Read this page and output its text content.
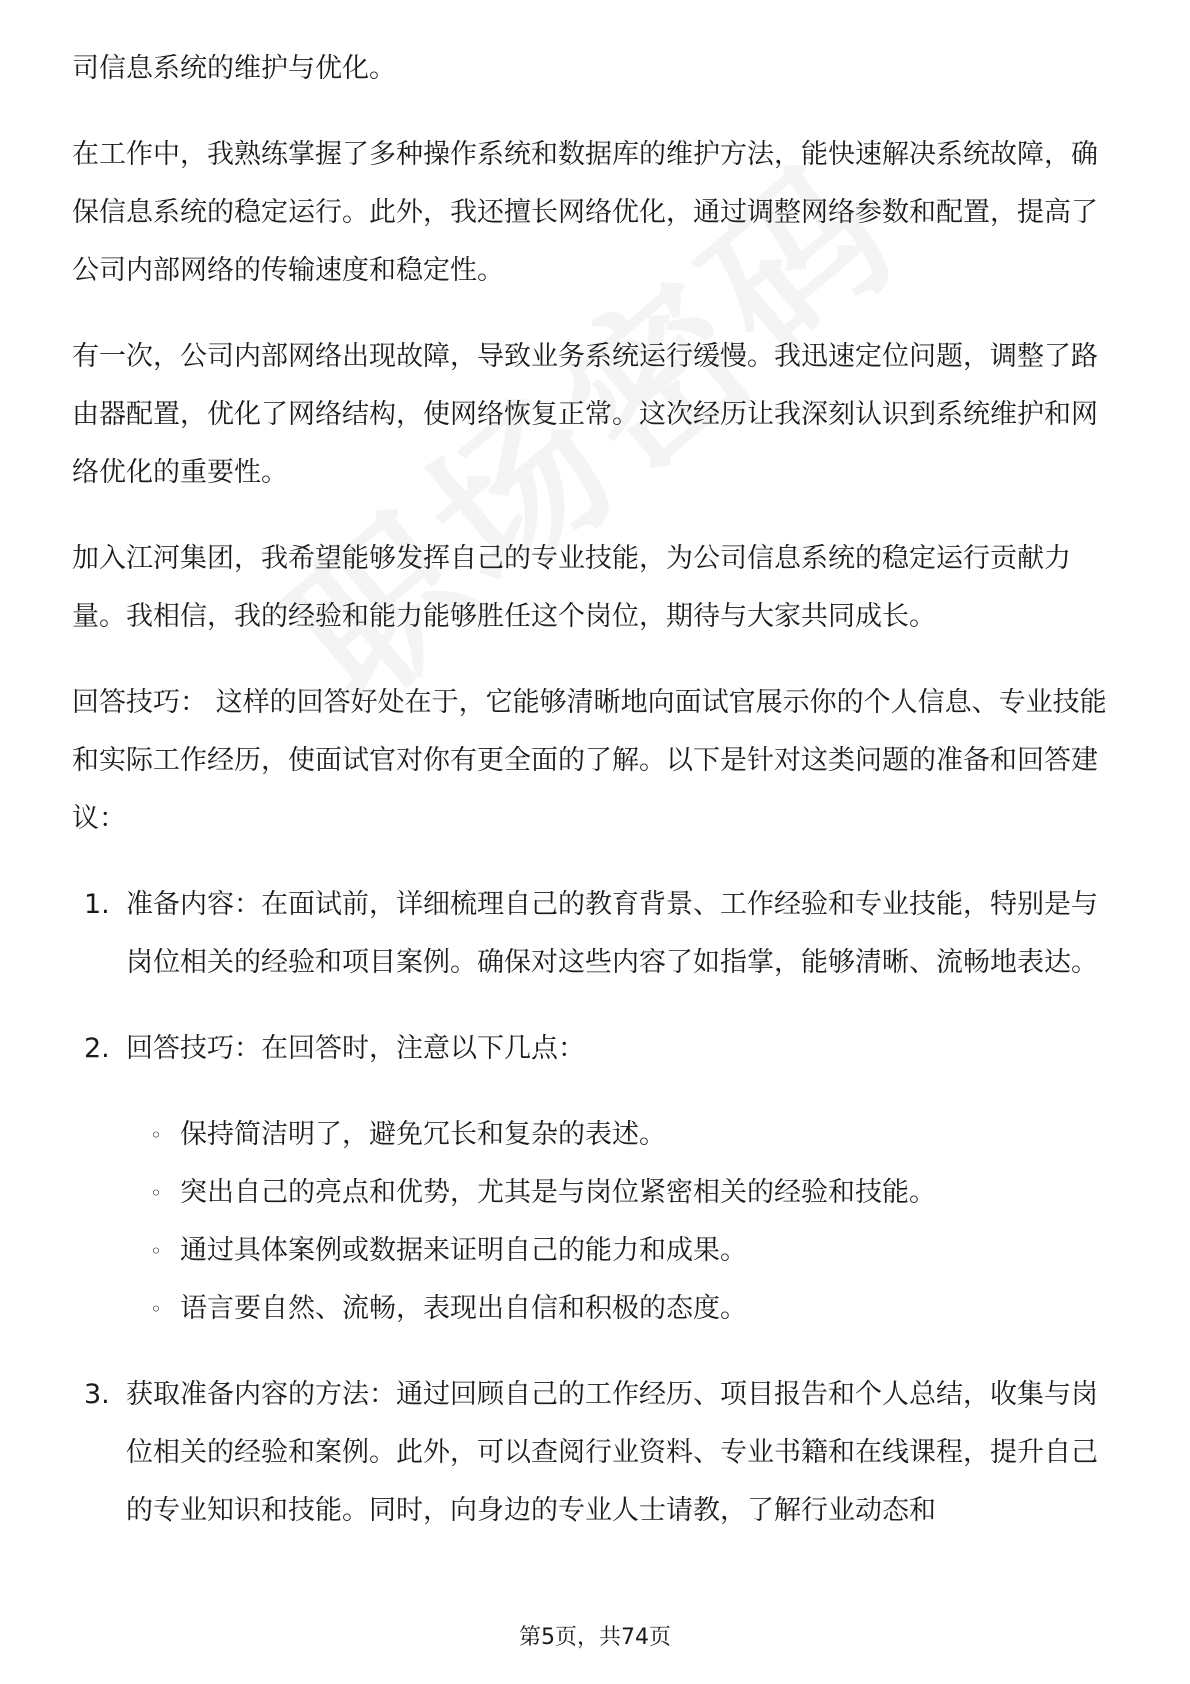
司信息系统的维护与优化。

在工作中，我熟练掌握了多种操作系统和数据库的维护方法，能快速解决系统故障，确保信息系统的稳定运行。此外，我还擅长网络优化，通过调整网络参数和配置，提高了公司内部网络的传输速度和稳定性。

有一次，公司内部网络出现故障，导致业务系统运行缓慢。我迅速定位问题，调整了路由器配置，优化了网络结构，使网络恢复正常。这次经历让我深刻认识到系统维护和网络优化的重要性。

加入江河集团，我希望能够发挥自己的专业技能，为公司信息系统的稳定运行贡献力量。我相信，我的经验和能力能够胜任这个岗位，期待与大家共同成长。

回答技巧： 这样的回答好处在于，它能够清晰地向面试官展示你的个人信息、专业技能和实际工作经历，使面试官对你有更全面的了解。以下是针对这类问题的准备和回答建议：

1. 准备内容：在面试前，详细梳理自己的教育背景、工作经验和专业技能，特别是与岗位相关的经验和项目案例。确保对这些内容了如指掌，能够清晰、流畅地表达。
2. 回答技巧：在回答时，注意以下几点：
◦ 保持简洁明了，避免冗长和复杂的表述。
◦ 突出自己的亮点和优势，尤其是与岗位紧密相关的经验和技能。
◦ 通过具体案例或数据来证明自己的能力和成果。
◦ 语言要自然、流畅，表现出自信和积极的态度。
3. 获取准备内容的方法：通过回顾自己的工作经历、项目报告和个人总结，收集与岗位相关的经验和案例。此外，可以查阅行业资料、专业书籍和在线课程，提升自己的专业知识和技能。同时，向身边的专业人士请教，了解行业动态和
第5页，共74页
